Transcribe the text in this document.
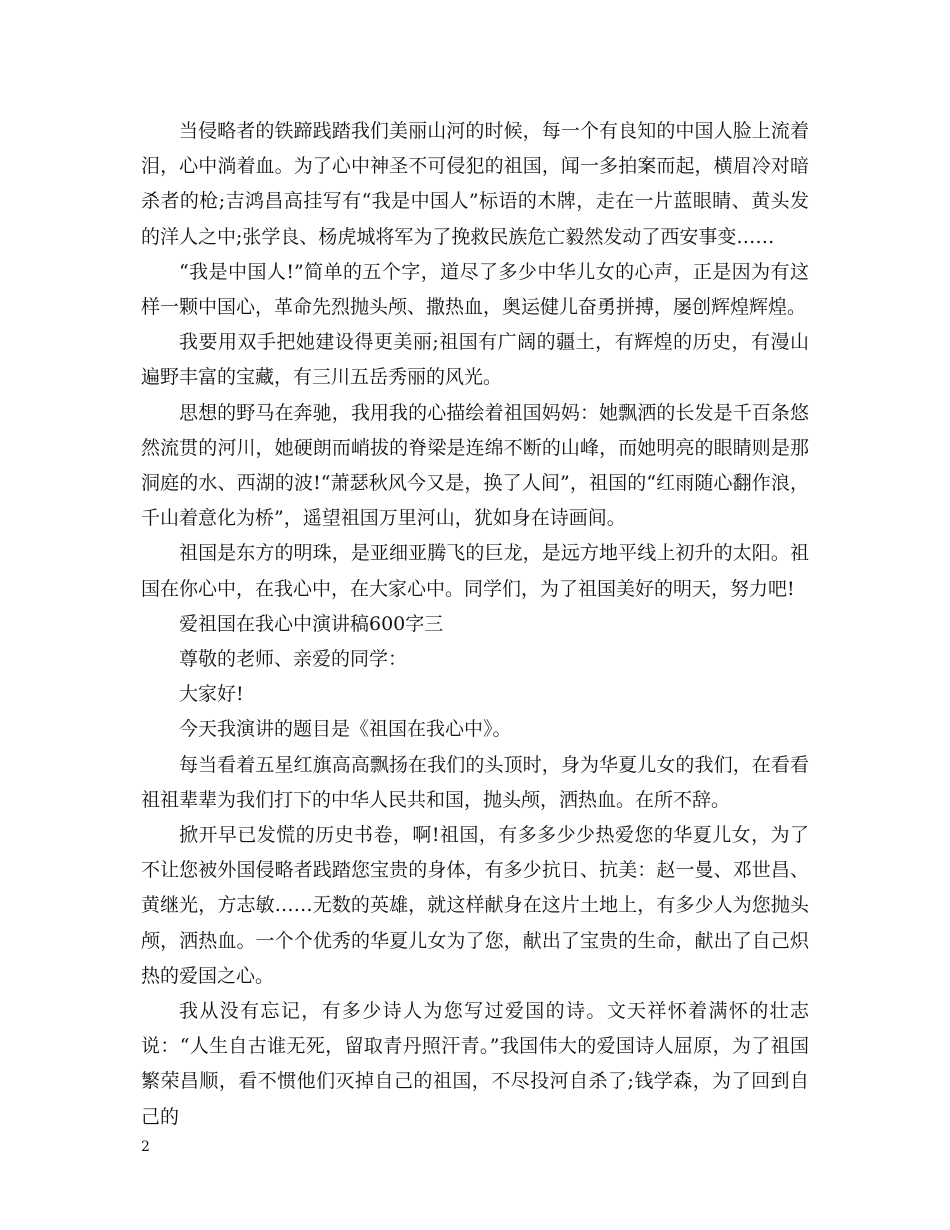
当侵略者的铁蹄践踏我们美丽山河的时候，每一个有良知的中国人脸上流着泪，心中淌着血。为了心中神圣不可侵犯的祖国，闻一多拍案而起，横眉冷对暗杀者的枪;吉鸿昌高挂写有“我是中国人”标语的木牌，走在一片蓝眼睛、黄头发的洋人之中;张学良、杨虎城将军为了挽救民族危亡毅然发动了西安事变……

“我是中国人!”简单的五个字，道尽了多少中华儿女的心声，正是因为有这样一颗中国心，革命先烈抛头颅、撒热血，奥运健儿奋勇拼搏，屡创辉煌辉煌。

我要用双手把她建设得更美丽;祖国有广阔的疆土，有辉煌的历史，有漫山遍野丰富的宝藏，有三川五岳秀丽的风光。

思想的野马在奔驰，我用我的心描绘着祖国妈妈：她飘洒的长发是千百条悠然流贯的河川，她硬朗而峭拔的脊梁是连绵不断的山峰，而她明亮的眼睛则是那洞庭的水、西湖的波!“萧瑟秋风今又是，换了人间”，祖国的“红雨随心翻作浪，千山着意化为桥”，遥望祖国万里河山，犹如身在诗画间。

祖国是东方的明珠，是亚细亚腾飞的巨龙，是远方地平线上初升的太阳。祖国在你心中，在我心中，在大家心中。同学们，为了祖国美好的明天，努力吧!

爱祖国在我心中演讲稿600字三

尊敬的老师、亲爱的同学：

大家好!

今天我演讲的题目是《祖国在我心中》。

每当看着五星红旗高高飘扬在我们的头顶时，身为华夏儿女的我们，在看看祖祖辈辈为我们打下的中华人民共和国，抛头颅，洒热血。在所不辞。

掀开早已发慌的历史书卷，啊!祖国，有多多少少热爱您的华夏儿女，为了不让您被外国侵略者践踏您宝贵的身体，有多少抗日、抗美：赵一曼、邓世昌、黄继光，方志敏……无数的英雄，就这样献身在这片土地上，有多少人为您抛头颅，洒热血。一个个优秀的华夏儿女为了您，献出了宝贵的生命，献出了自己炽热的爱国之心。

我从没有忘记，有多少诗人为您写过爱国的诗。文天祥怀着满怀的壮志说：“人生自古谁无死，留取青丹照汗青。”我国伟大的爱国诗人屈原，为了祖国繁荣昌顺，看不惯他们灭掉自己的祖国，不尽投河自杀了;钱学森，为了回到自己的

2
